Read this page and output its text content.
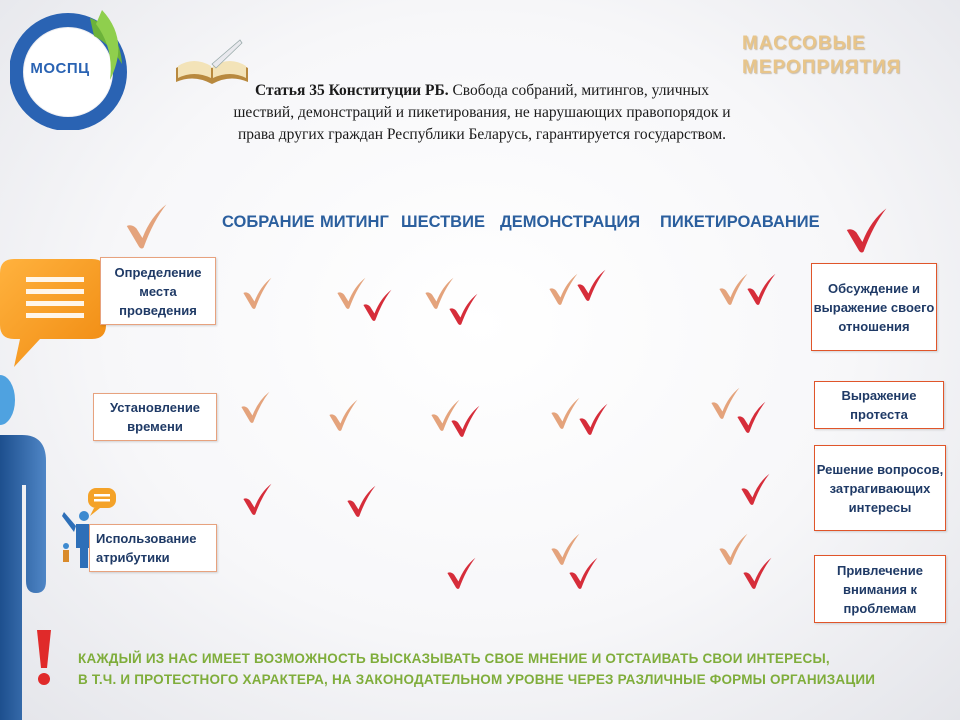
МОСПЦ
Статья 35 Конституции РБ. Свобода собраний, митингов, уличных шествий, демонстраций и пикетирования, не нарушающих правопорядок и права других граждан Республики Беларусь, гарантируется государством.
МАССОВЫЕ
МЕРОПРИЯТИЯ
СОБРАНИЕ МИТИНГ ШЕСТВИЕ ДЕМОНСТРАЦИЯ ПИКЕТИРОАВАНИЕ
Определение места проведения
Установление времени
Использование атрибутики
Обсуждение и выражение своего отношения
Выражение протеста
Решение вопросов, затрагивающих интересы
Привлечение внимания к проблемам
КАЖДЫЙ ИЗ НАС ИМЕЕТ ВОЗМОЖНОСТЬ ВЫСКАЗЫВАТЬ СВОЕ МНЕНИЕ И ОТСТАИВАТЬ СВОИ ИНТЕРЕСЫ,
В Т.Ч. И ПРОТЕСТНОГО ХАРАКТЕРА, НА ЗАКОНОДАТЕЛЬНОМ УРОВНЕ ЧЕРЕЗ РАЗЛИЧНЫЕ ФОРМЫ ОРГАНИЗАЦИИ
